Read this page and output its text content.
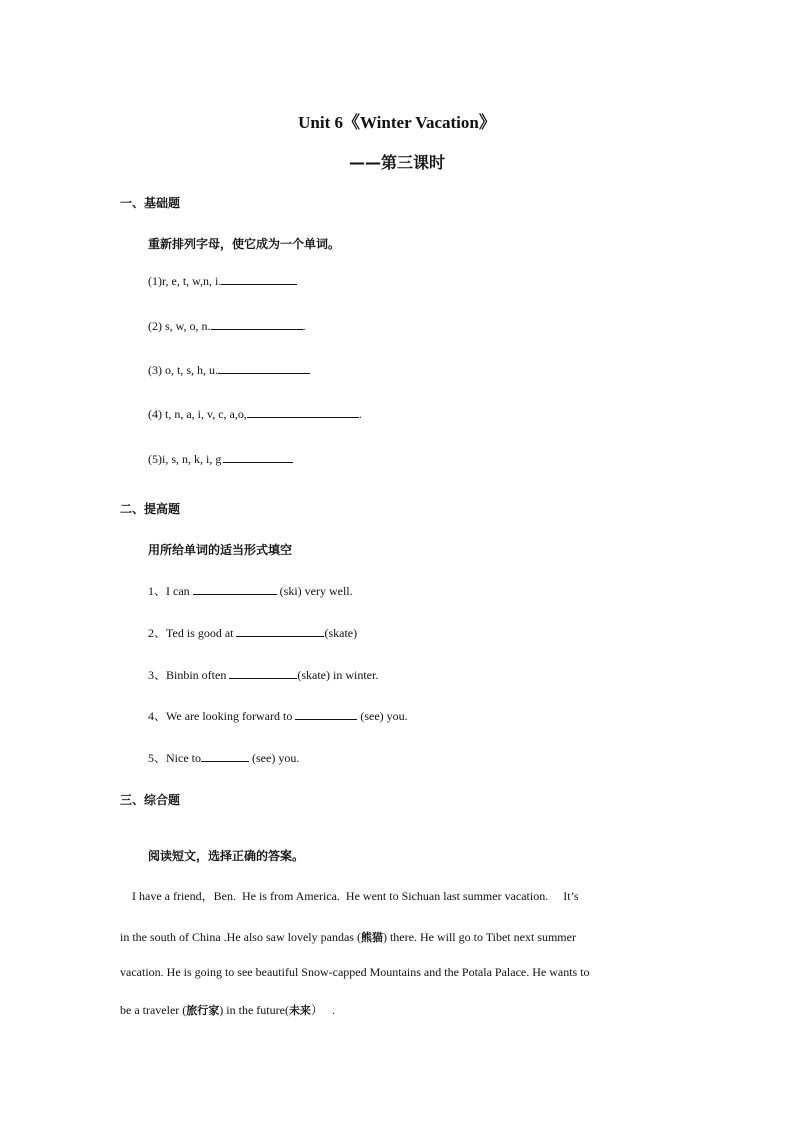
Unit 6《Winter Vacation》
——第三课时
一、基础题
重新排列字母，使它成为一个单词。
(1)r, e, t, w,n, i.
(2) s, w, o, n.	.
(3) o, t, s, h, u.
(4) t, n, a, i, v, c, a,o,	.
(5)i, s, n, k, i, g
二、提高题
用所给单词的适当形式填空
1、I can	(ski) very well.
2、Ted is good at	(skate)
3、Binbin often	(skate) in winter.
4、We are looking forward to	(see) you.
5、Nice to	(see) you.
三、综合题
阅读短文，选择正确的答案。
I have a friend，Ben.  He is from America.  He went to Sichuan last summer vacation.     It’s
in the south of China .He also saw lovely pandas (熊猫) there. He will go to Tibet next summer
vacation. He is going to see beautiful Snow-capped Mountains and the Potala Palace. He wants to
be a traveler (旅行家) in the future(未来）   .
